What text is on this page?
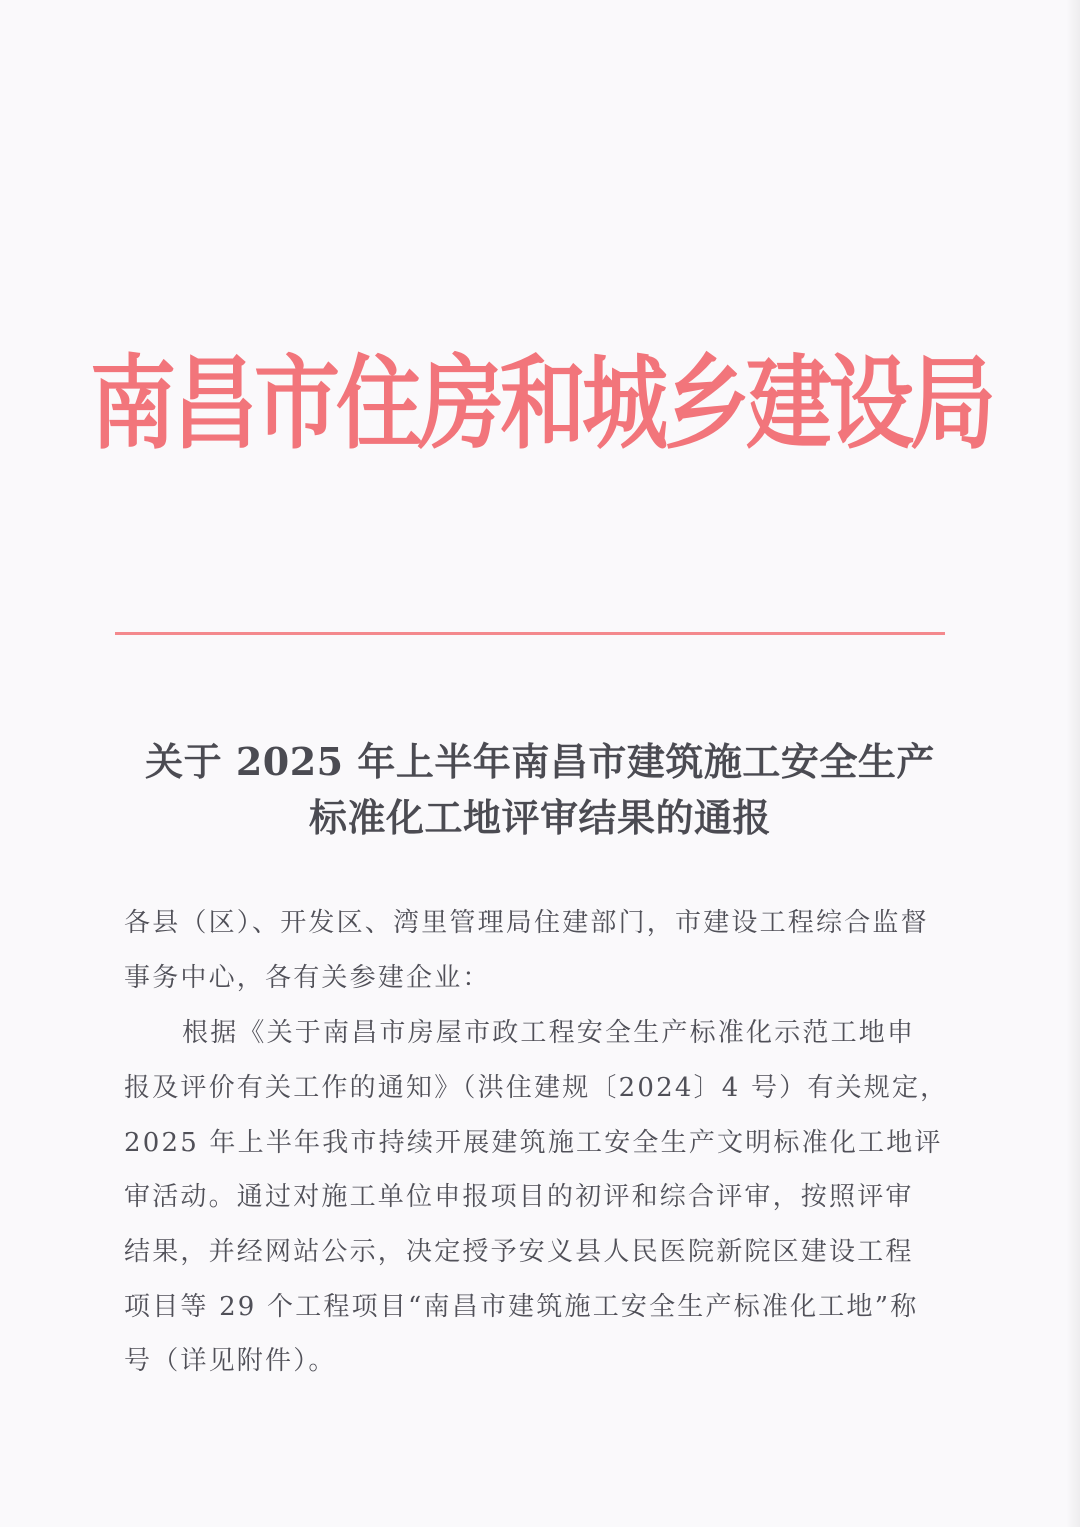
南昌市住房和城乡建设局
关于 2025 年上半年南昌市建筑施工安全生产
标准化工地评审结果的通报
各县（区）、开发区、湾里管理局住建部门，市建设工程综合监督
事务中心，各有关参建企业：
根据《关于南昌市房屋市政工程安全生产标准化示范工地申
报及评价有关工作的通知》（洪住建规〔2024〕4 号）有关规定，
2025 年上半年我市持续开展建筑施工安全生产文明标准化工地评
审活动。通过对施工单位申报项目的初评和综合评审，按照评审
结果，并经网站公示，决定授予安义县人民医院新院区建设工程
项目等 29 个工程项目“南昌市建筑施工安全生产标准化工地”称
号（详见附件）。
